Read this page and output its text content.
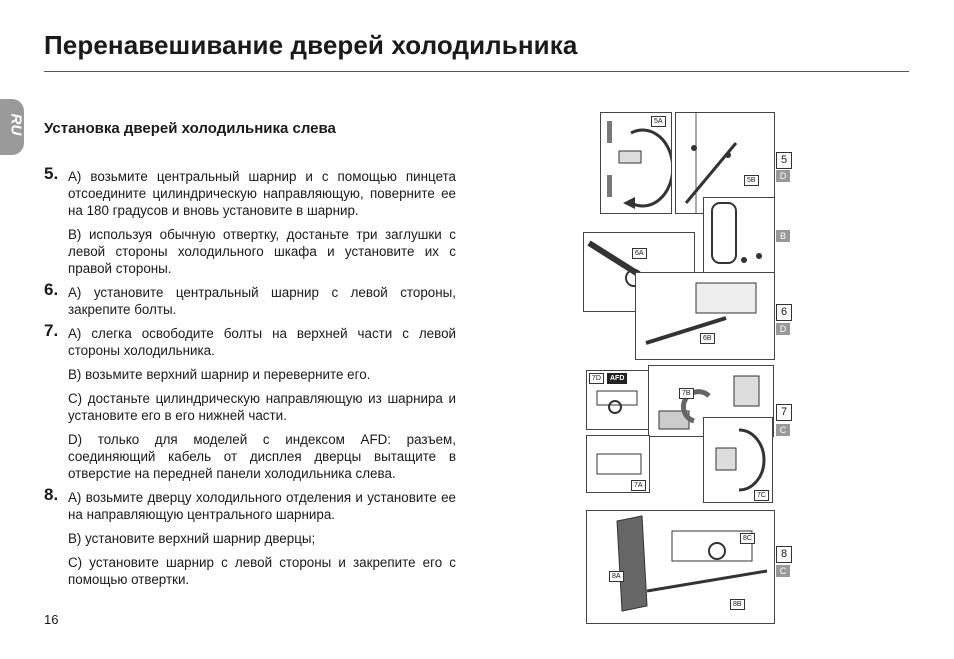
Перенавешивание дверей холодильника
RU Установка дверей холодильника слева
5. A) возьмите центральный шарнир и с помощью пинцета отсоедините цилиндрическую направляющую, поверните ее на 180 градусов и вновь установите в шарнир.
B) используя обычную отвертку, достаньте три заглушки с левой стороны холодильного шкафа и установите их с правой стороны.
6. A) установите центральный шарнир с левой стороны, закрепите болты.
7. A) слегка освободите болты на верхней части с левой стороны холодильника.
B) возьмите верхний шарнир и переверните его.
C) достаньте цилиндрическую направляющую из шарнира и установите его в его нижней части.
D) только для моделей с индексом AFD: разъем, соединяющий кабель от дисплея дверцы вытащите в отверстие на передней панели холодильника слева.
8. A) возьмите дверцу холодильного отделения и установите ее на направляющую центрального шарнира.
B) установите верхний шарнир дверцы;
C) установите шарнир с левой стороны и закрепите его с помощью отвертки.
16
5A
5B
5
D
B
6A
6B
6
D
7D	AFD
7B
7A
7C
7
C
8C
8A
8B
8
C
